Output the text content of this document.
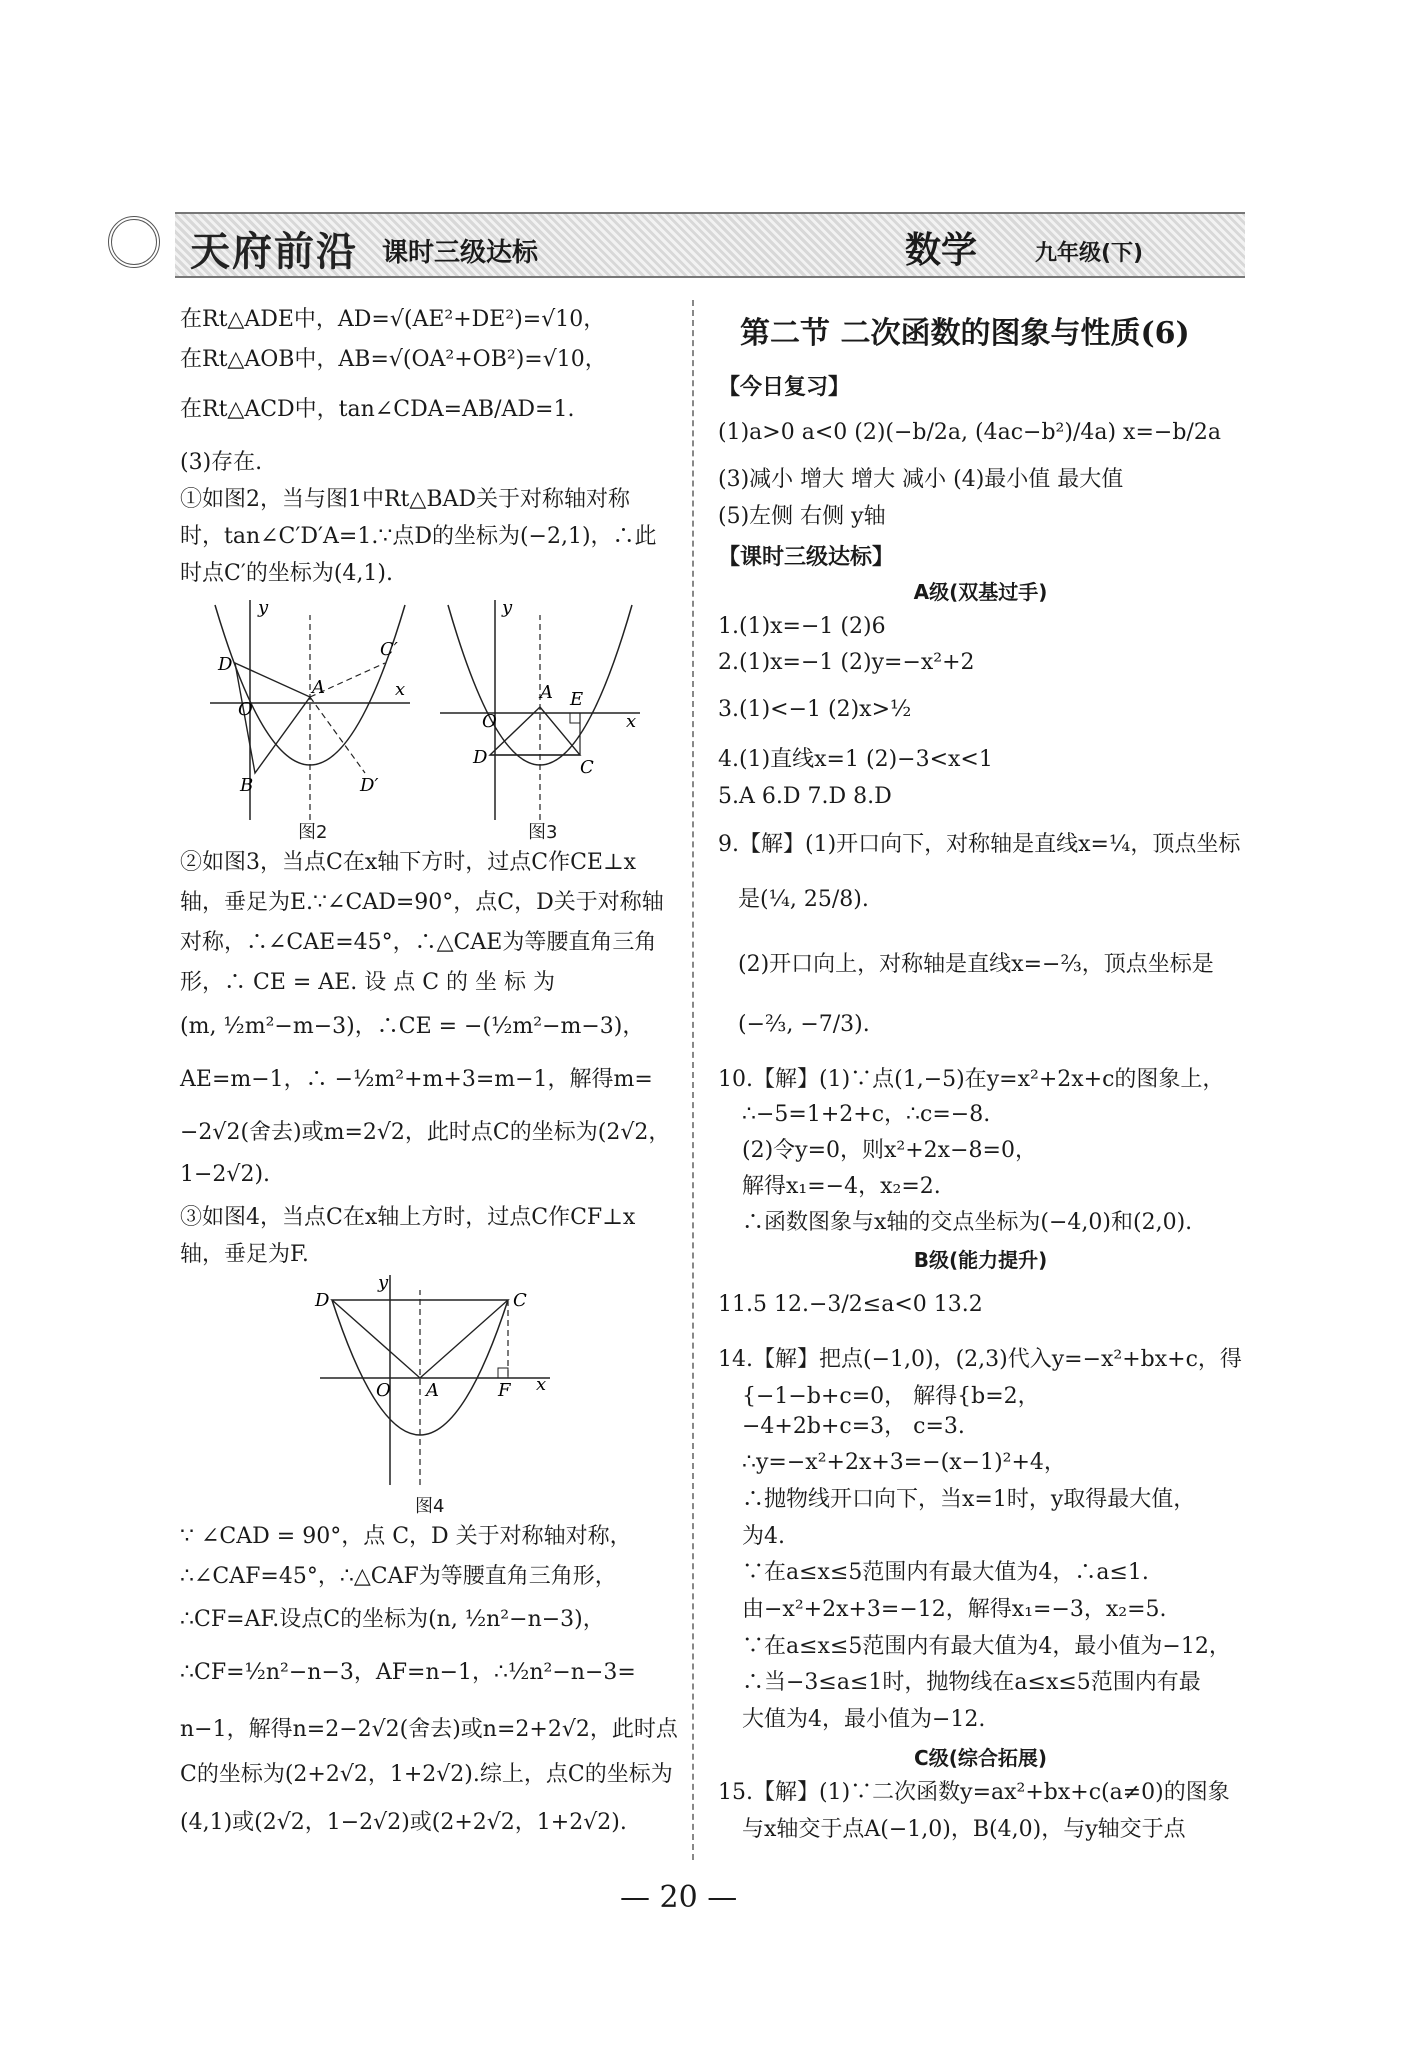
天府前沿 课时三级达标	数学	九年级(下)
在Rt△ADE中，AD=√(AE²+DE²)=√10，
在Rt△AOB中，AB=√(OA²+OB²)=√10，
在Rt△ACD中，tan∠CDA=AB/AD=1.
(3)存在.
①如图2，当与图1中Rt△BAD关于对称轴对称
时，tan∠C′D′A=1.∵点D的坐标为(−2,1)，∴此
时点C′的坐标为(4,1).
D
O
A
C′
B	D′
y
x
图2
D
O
A E
C
y
x
图3
②如图3，当点C在x轴下方时，过点C作CE⊥x
轴，垂足为E.∵∠CAD=90°，点C，D关于对称轴
对称，∴∠CAE=45°，∴△CAE为等腰直角三角
形，∴ CE = AE. 设 点 C 的 坐 标 为
(m, ½m²−m−3)，∴CE = −(½m²−m−3)，
AE=m−1，∴ −½m²+m+3=m−1，解得m=
−2√2(舍去)或m=2√2，此时点C的坐标为(2√2，
1−2√2).
③如图4，当点C在x轴上方时，过点C作CF⊥x
轴，垂足为F.
D
O A
C
F
y
x
图4
∵ ∠CAD = 90°，点 C，D 关于对称轴对称，
∴∠CAF=45°，∴△CAF为等腰直角三角形，
∴CF=AF.设点C的坐标为(n, ½n²−n−3)，
∴CF=½n²−n−3，AF=n−1，∴½n²−n−3=
n−1，解得n=2−2√2(舍去)或n=2+2√2，此时点
C的坐标为(2+2√2，1+2√2).综上，点C的坐标为
(4,1)或(2√2，1−2√2)或(2+2√2，1+2√2).
第二节 二次函数的图象与性质(6)
【今日复习】
(1)a>0 a<0 (2)(−b/2a, (4ac−b²)/4a) x=−b/2a
(3)减小 增大 增大 减小 (4)最小值 最大值
(5)左侧 右侧 y轴
【课时三级达标】
A级(双基过手)
1.(1)x=−1 (2)6
2.(1)x=−1 (2)y=−x²+2
3.(1)<−1 (2)x>½
4.(1)直线x=1 (2)−3<x<1
5.A 6.D 7.D 8.D
9.【解】(1)开口向下，对称轴是直线x=¼，顶点坐标
是(¼, 25/8).
(2)开口向上，对称轴是直线x=−⅔，顶点坐标是
(−⅔, −7/3).
10.【解】(1)∵点(1,−5)在y=x²+2x+c的图象上，
∴−5=1+2+c，∴c=−8.
(2)令y=0，则x²+2x−8=0，
解得x₁=−4，x₂=2.
∴函数图象与x轴的交点坐标为(−4,0)和(2,0).
B级(能力提升)
11.5 12.−3/2≤a<0 13.2
14.【解】把点(−1,0)，(2,3)代入y=−x²+bx+c，得
{−1−b+c=0， 解得{b=2，
−4+2b+c=3， c=3.
∴y=−x²+2x+3=−(x−1)²+4，
∴抛物线开口向下，当x=1时，y取得最大值，
为4.
∵在a≤x≤5范围内有最大值为4，∴a≤1.
由−x²+2x+3=−12，解得x₁=−3，x₂=5.
∵在a≤x≤5范围内有最大值为4，最小值为−12，
∴当−3≤a≤1时，抛物线在a≤x≤5范围内有最
大值为4，最小值为−12.
C级(综合拓展)
15.【解】(1)∵二次函数y=ax²+bx+c(a≠0)的图象
与x轴交于点A(−1,0)，B(4,0)，与y轴交于点
— 20 —
